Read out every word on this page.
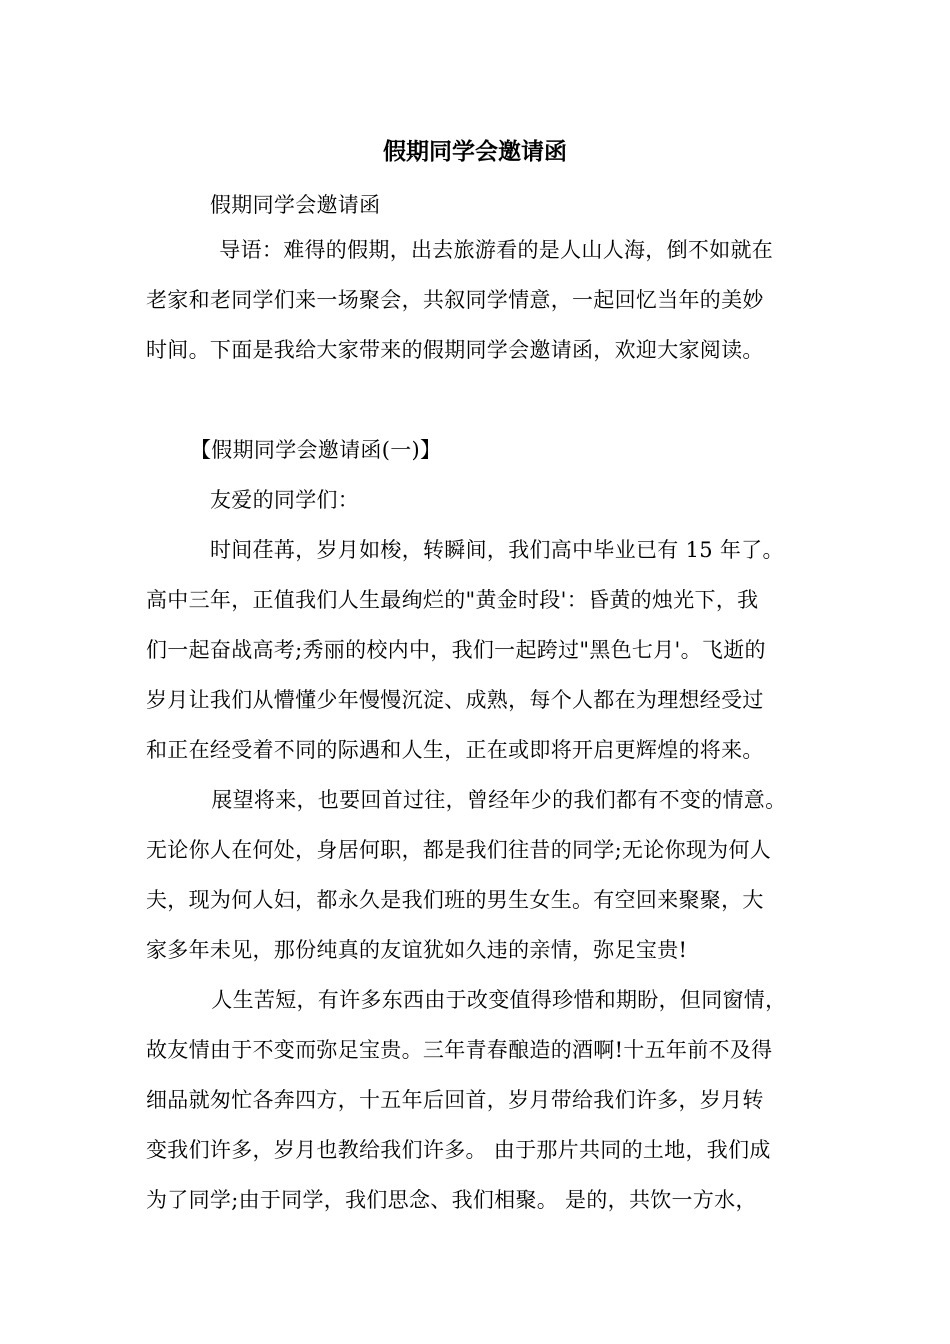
假期同学会邀请函
假期同学会邀请函
　导语：难得的假期，出去旅游看的是人山人海，倒不如就在
老家和老同学们来一场聚会，共叙同学情意，一起回忆当年的美妙
时间。下面是我给大家带来的假期同学会邀请函，欢迎大家阅读。
【假期同学会邀请函(一)】
友爱的同学们：
时间荏苒，岁月如梭，转瞬间，我们高中毕业已有 15 年了。
高中三年，正值我们人生最绚烂的"黄金时段'：昏黄的烛光下，我
们一起奋战高考;秀丽的校内中，我们一起跨过"黑色七月'。飞逝的
岁月让我们从懵懂少年慢慢沉淀、成熟，每个人都在为理想经受过
和正在经受着不同的际遇和人生，正在或即将开启更辉煌的将来。
　展望将来，也要回首过往，曾经年少的我们都有不变的情意。
无论你人在何处，身居何职，都是我们往昔的同学;无论你现为何人
夫，现为何人妇，都永久是我们班的男生女生。有空回来聚聚，大
家多年未见，那份纯真的友谊犹如久违的亲情，弥足宝贵!
　人生苦短，有许多东西由于改变值得珍惜和期盼，但同窗情，
故友情由于不变而弥足宝贵。三年青春酿造的酒啊!十五年前不及得
细品就匆忙各奔四方，十五年后回首，岁月带给我们许多，岁月转
变我们许多，岁月也教给我们许多。 由于那片共同的土地，我们成
为了同学;由于同学，我们思念、我们相聚。 是的，共饮一方水，
